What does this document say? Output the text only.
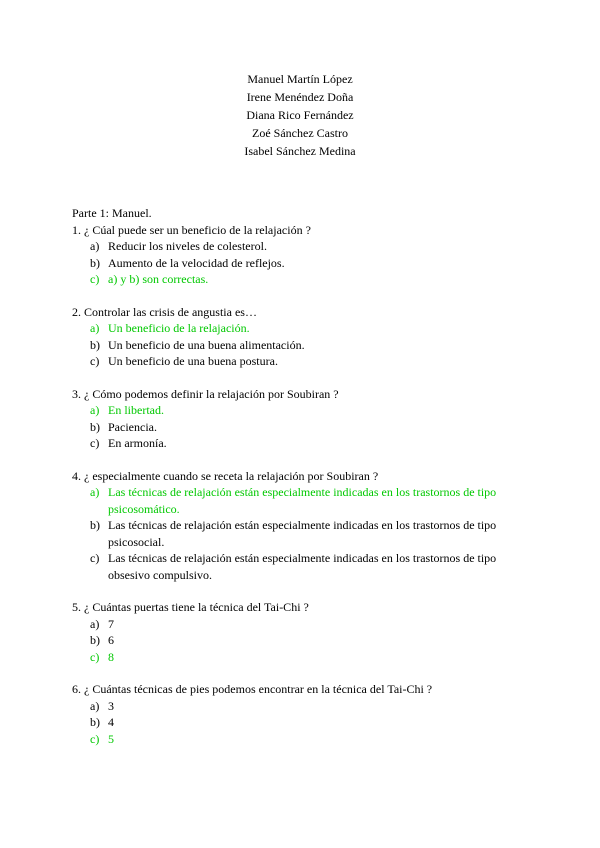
Manuel Martín López
Irene Menéndez Doña
Diana Rico Fernández
Zoé Sánchez Castro
Isabel Sánchez Medina
Parte 1: Manuel.
1. ¿ Cúal puede ser un beneficio de la relajación ?
a) Reducir los niveles de colesterol.
b) Aumento de la velocidad de reflejos.
c) a) y b) son correctas.
2. Controlar las crisis de angustia es…
a) Un beneficio de la relajación.
b) Un beneficio de una buena alimentación.
c) Un beneficio de una buena postura.
3. ¿ Cómo podemos definir la relajación por Soubiran ?
a) En libertad.
b) Paciencia.
c) En armonía.
4. ¿ especialmente cuando se receta la relajación por Soubiran ?
a) Las técnicas de relajación están especialmente indicadas en los trastornos de tipo psicosomático.
b) Las técnicas de relajación están especialmente indicadas en los trastornos de tipo psicosocial.
c) Las técnicas de relajación están especialmente indicadas en los trastornos de tipo obsesivo compulsivo.
5. ¿ Cuántas puertas tiene la técnica del Tai-Chi ?
a) 7
b) 6
c) 8
6. ¿ Cuántas técnicas de pies podemos encontrar en la técnica del Tai-Chi ?
a) 3
b) 4
c) 5
